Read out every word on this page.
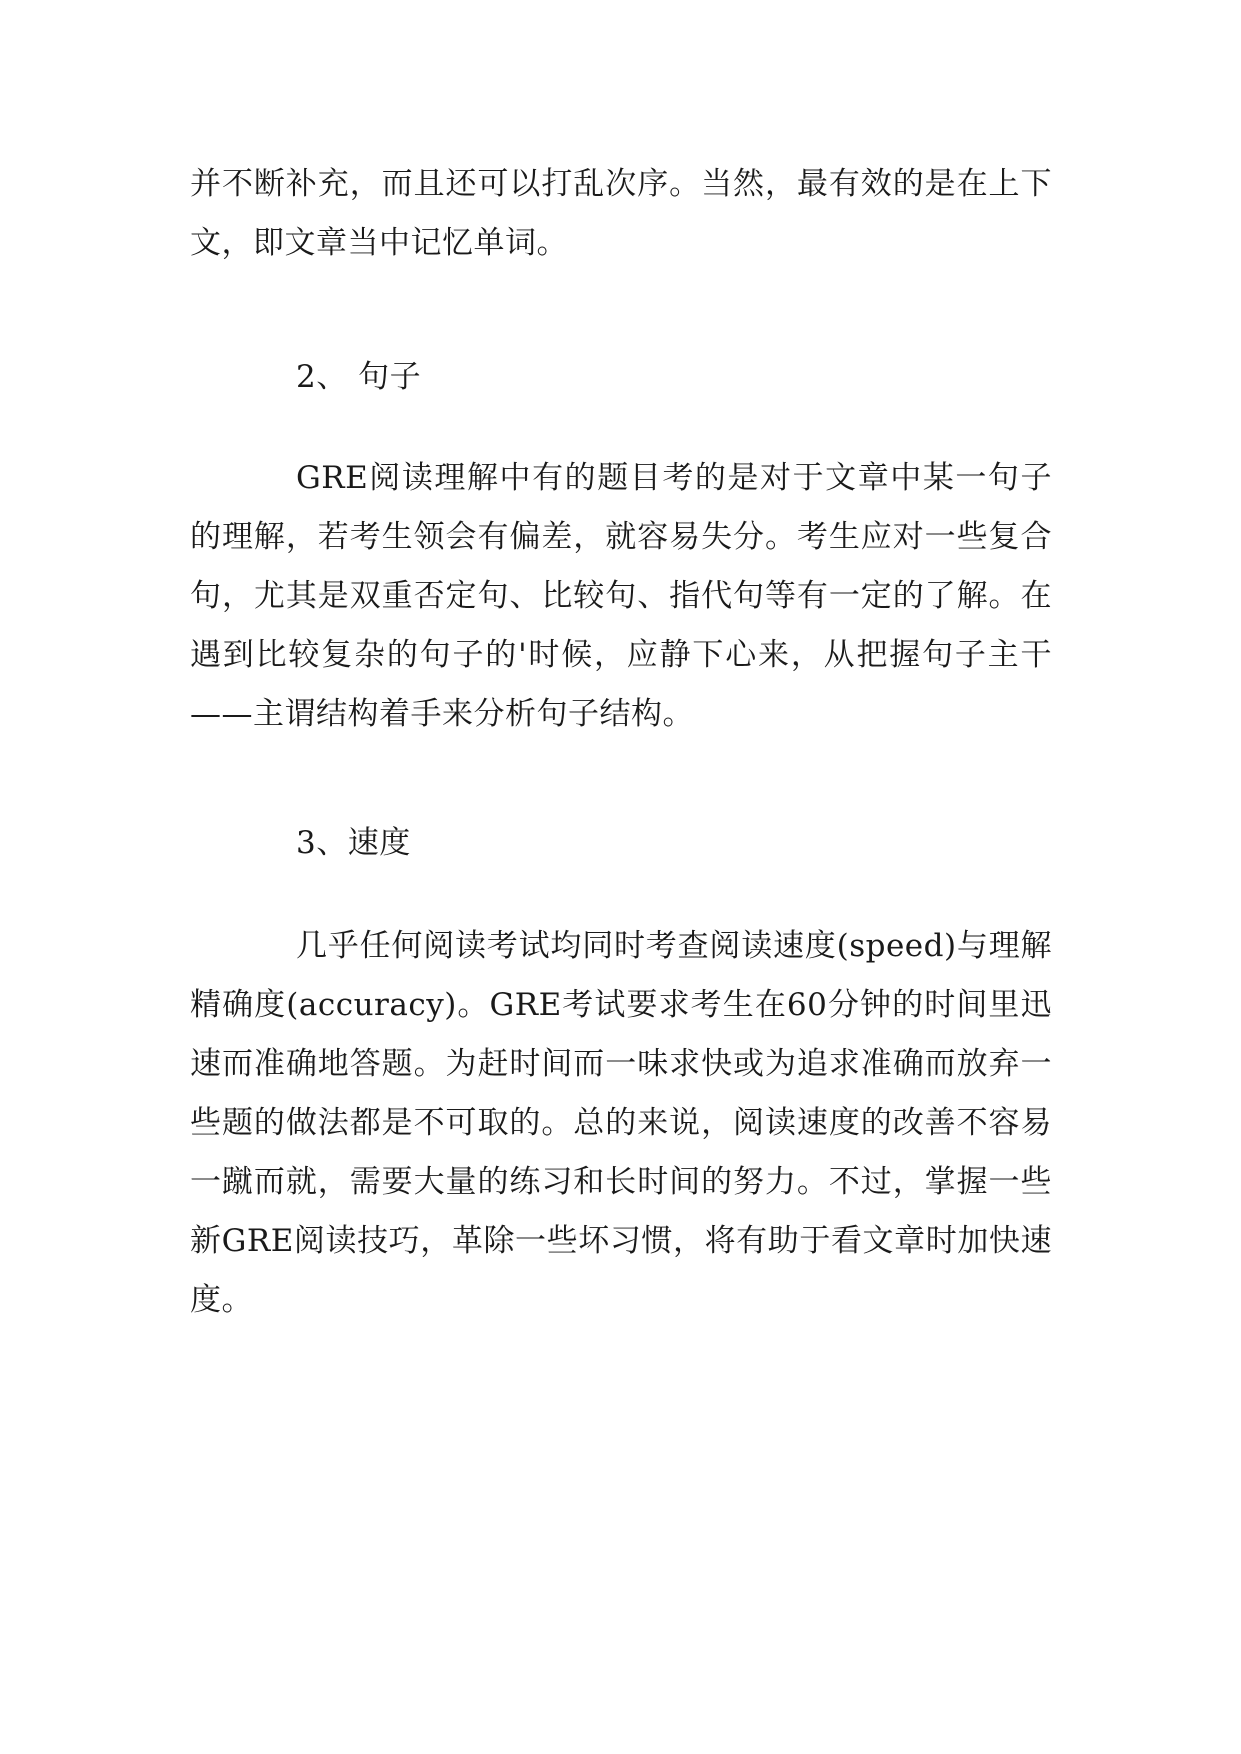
并不断补充，而且还可以打乱次序。当然，最有效的是在上下文，即文章当中记忆单词。

2、 句子

GRE阅读理解中有的题目考的是对于文章中某一句子的理解，若考生领会有偏差，就容易失分。考生应对一些复合句，尤其是双重否定句、比较句、指代句等有一定的了解。在遇到比较复杂的句子的'时候，应静下心来，从把握句子主干——主谓结构着手来分析句子结构。

3、速度

几乎任何阅读考试均同时考查阅读速度(speed)与理解精确度(accuracy)。GRE考试要求考生在60分钟的时间里迅速而准确地答题。为赶时间而一味求快或为追求准确而放弃一些题的做法都是不可取的。总的来说，阅读速度的改善不容易一蹴而就，需要大量的练习和长时间的努力。不过，掌握一些新GRE阅读技巧，革除一些坏习惯，将有助于看文章时加快速度。
